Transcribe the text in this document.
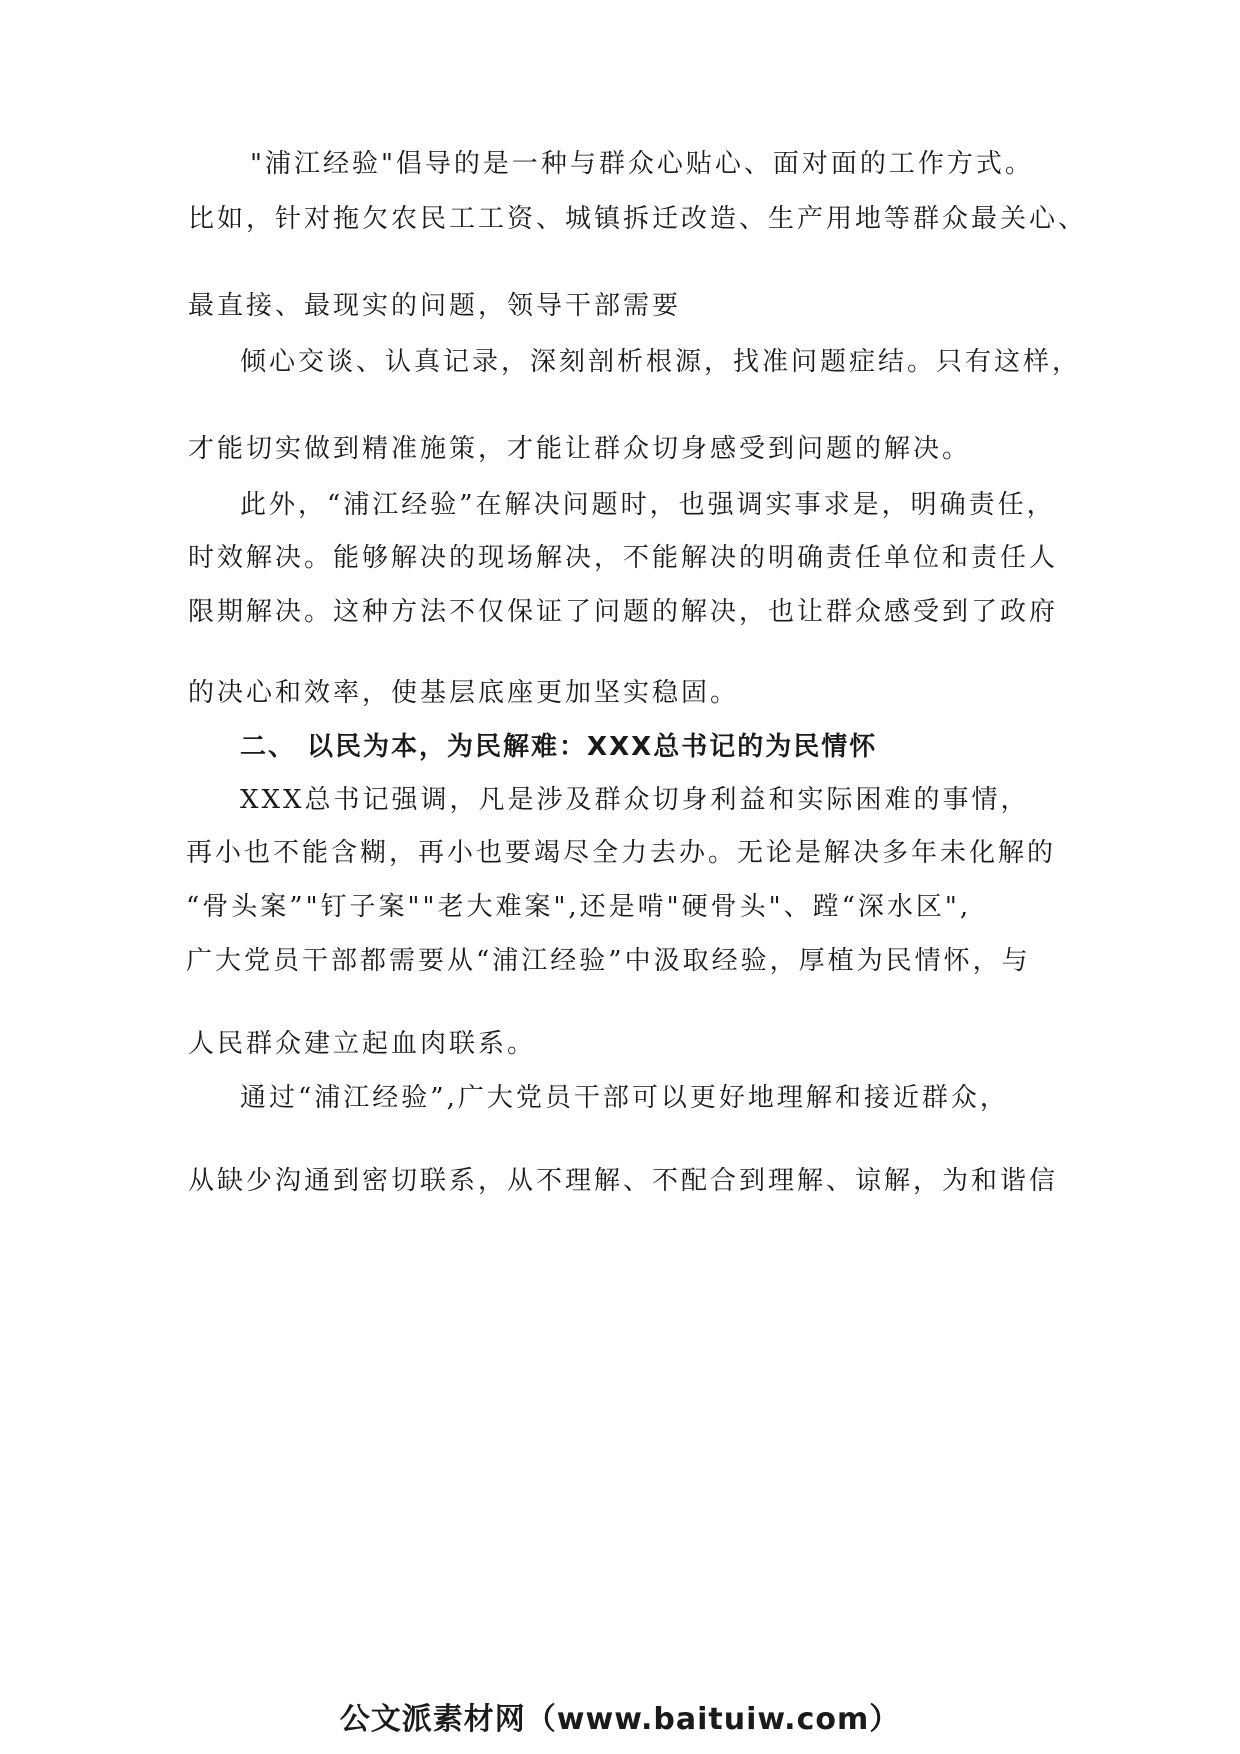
"浦江经验"倡导的是一种与群众心贴心、面对面的工作方式。
比如，针对拖欠农民工工资、城镇拆迁改造、生产用地等群众最关心、
最直接、最现实的问题，领导干部需要
倾心交谈、认真记录，深刻剖析根源，找准问题症结。只有这样，
才能切实做到精准施策，才能让群众切身感受到问题的解决。
此外，“浦江经验”在解决问题时，也强调实事求是，明确责任，
时效解决。能够解决的现场解决，不能解决的明确责任单位和责任人
限期解决。这种方法不仅保证了问题的解决，也让群众感受到了政府
的决心和效率，使基层底座更加坚实稳固。
二、 以民为本，为民解难：XXX总书记的为民情怀
XXX总书记强调，凡是涉及群众切身利益和实际困难的事情，
再小也不能含糊，再小也要竭尽全力去办。无论是解决多年未化解的
“骨头案”"钉子案""老大难案",还是啃"硬骨头"、蹚“深水区",
广大党员干部都需要从“浦江经验”中汲取经验，厚植为民情怀，与
人民群众建立起血肉联系。
通过“浦江经验”,广大党员干部可以更好地理解和接近群众，
从缺少沟通到密切联系，从不理解、不配合到理解、谅解，为和谐信
公文派素材网（www.baituiw.com）
